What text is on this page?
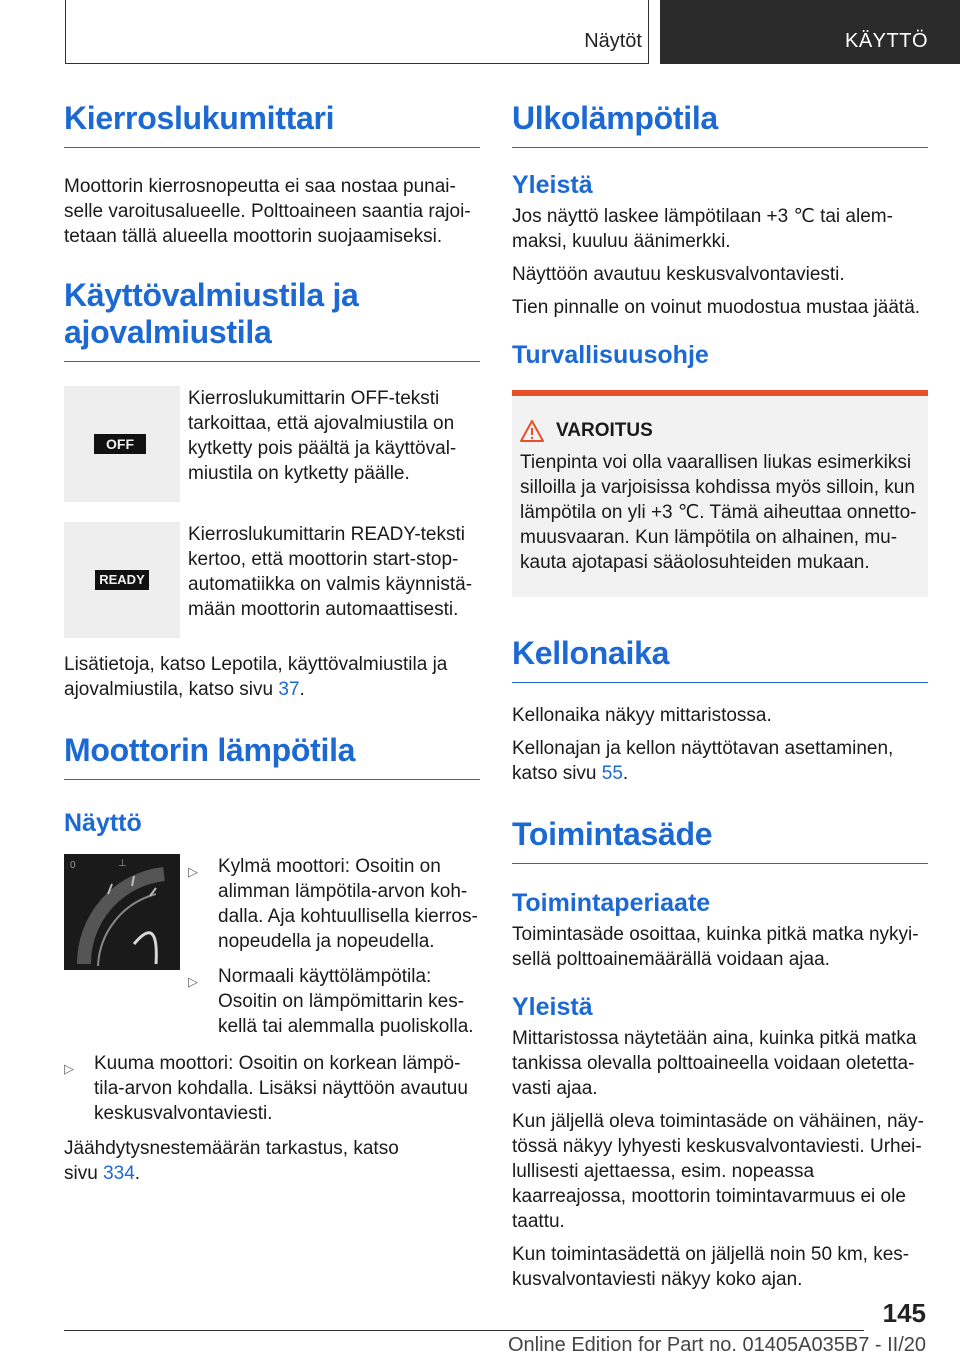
Näytöt	KÄYTTÖ
Kierroslukumittari

Moottorin kierrosnopeutta ei saa nostaa punaiselle varoitusalueelle. Polttoaineen saantia rajoitetaan tällä alueella moottorin suojaamiseksi.

Käyttövalmiustila ja ajovalmiustila
OFF

Kierroslukumittarin OFF-teksti tarkoittaa, että ajovalmiustila on kytketty pois päältä ja käyttövalmiustila on kytketty päälle.

READY

Kierroslukumittarin READY-teksti kertoo, että moottorin start-stop-automatiikka on valmis käynnistämään moottorin automaattisesti.

Lisätietoja, katso Lepotila, käyttövalmiustila ja ajovalmiustila, katso sivu 37.

Moottorin lämpötila
Näyttö
0	⊥
▷ Kylmä moottori: Osoitin on alimman lämpötila-arvon kohdalla. Aja kohtuullisella kierrosnopeudella ja nopeudella.
▷ Normaali käyttölämpötila: Osoitin on lämpömittarin keskellä tai alemmalla puoliskolla.
▷ Kuuma moottori: Osoitin on korkean lämpötila-arvon kohdalla. Lisäksi näyttöön avautuu keskusvalvontaviesti.

Jäähdytysnestemäärän tarkastus, katso
sivu 334.

Ulkolämpötila
Yleistä

Jos näyttö laskee lämpötilaan +3 ℃ tai alemmaksi, kuuluu äänimerkki.

Näyttöön avautuu keskusvalvontaviesti.

Tien pinnalle on voinut muodostua mustaa jäätä.

Turvallisuusohje
VAROITUS

Tienpinta voi olla vaarallisen liukas esimerkiksi silloilla ja varjoisissa kohdissa myös silloin, kun lämpötila on yli +3 ℃. Tämä aiheuttaa onnettomuusvaaran. Kun lämpötila on alhainen, mukauta ajotapasi sääolosuhteiden mukaan.

Kellonaika

Kellonaika näkyy mittaristossa.

Kellonajan ja kellon näyttötavan asettaminen, katso sivu 55.

Toimintasäde
Toimintaperiaate

Toimintasäde osoittaa, kuinka pitkä matka nykyisellä polttoainemäärällä voidaan ajaa.

Yleistä

Mittaristossa näytetään aina, kuinka pitkä matka tankissa olevalla polttoaineella voidaan oletettavasti ajaa.

Kun jäljellä oleva toimintasäde on vähäinen, näytössä näkyy lyhyesti keskusvalvontaviesti. Urheilullisesti ajettaessa, esim. nopeassa kaarreajossa, moottorin toimintavarmuus ei ole taattu.

Kun toimintasädettä on jäljellä noin 50 km, keskusvalvontaviesti näkyy koko ajan.

145
Online Edition for Part no. 01405A035B7 - II/20
